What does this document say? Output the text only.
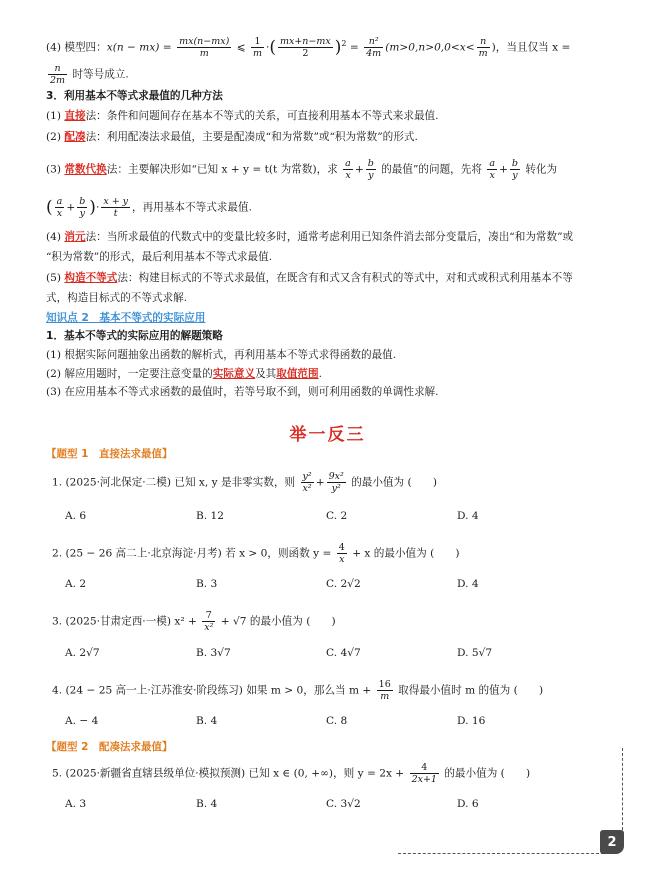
(4) 模型四：$x(n - mx) = \frac{mx(n-mx)}{m}$ ⩽ $\frac{1}{m}$ ·( $\frac{mx+n-mx}{2} )^2 = \frac{\text{n²}}{4m} (m>0,n>0,0<x< \frac{n}{m}$ )，当且仅当 x =
$\frac{n}{2m}$ 时等号成立.
3．利用基本不等式求最值的几种方法
(1) 直接法：条件和问题间存在基本不等式的关系，可直接利用基本不等式来求最值.
(2) 配凑法：利用配凑法求最值，主要是配凑成“和为常数”或“积为常数”的形式.
(3) 常数代换法：主要解决形如“已知 x + y = t(t 为常数)，求 $\frac{a}{x} + \frac{b}{y}$ 的最值”的问题，先将 $\frac{a}{x} + \frac{b}{y}$ 转化为
( $\frac{a}{x} + \frac{b}{y}$ )· $\frac{x + y}{t}$ ，再用基本不等式求最值.
(4) 消元法：当所求最值的代数式中的变量比较多时，通常考虑利用已知条件消去部分变量后，凑出“和为常数”或
“积为常数”的形式，最后利用基本不等式求最值.
(5) 构造不等式法：构建目标式的不等式求最值，在既含有和式又含有积式的等式中，对和式或积式利用基本不等
式，构造目标式的不等式求解.
知识点 2　基本不等式的实际应用
1．基本不等式的实际应用的解题策略
(1) 根据实际问题抽象出函数的解析式，再利用基本不等式求得函数的最值.
(2) 解应用题时，一定要注意变量的实际意义及其取值范围.
(3) 在应用基本不等式求函数的最值时，若等号取不到，则可利用函数的单调性求解.
举一反三
【题型 1　直接法求最值】
1. (2025·河北保定·二模) 已知 x, y 是非零实数，则 $\frac{\text{y²}}{\text{x²}} + \frac{\text{9x²}}{\text{y²}}$ 的最小值为 (　　)
A. 6	B. 12	C. 2	D. 4
2. (25 − 26 高二上·北京海淀·月考) 若 x > 0，则函数 $y = \frac{4}{x} + x$ 的最小值为 (　　)
A. 2	B. 3	C. 2√2	D. 4
3. (2025·甘肃定西·一模) $x^2 + \frac{7}{\text{x²}} + √7$ 的最小值为 (　　)
A. 2√7	B. 3√7	C. 4√7	D. 5√7
4. (24 − 25 高一上·江苏淮安·阶段练习) 如果 m > 0，那么当 $m + \frac{16}{m}$ 取得最小值时 m 的值为 (　　)
A. − 4	B. 4	C. 8	D. 16
【题型 2　配凑法求最值】
5. (2025·新疆省直辖县级单位·模拟预测) 已知 x ∈ (0, +∞)，则 $y = 2x + \frac{4}{2x+1}$ 的最小值为 (　　)
A. 3	B. 4	C. 3√2	D. 6
2
